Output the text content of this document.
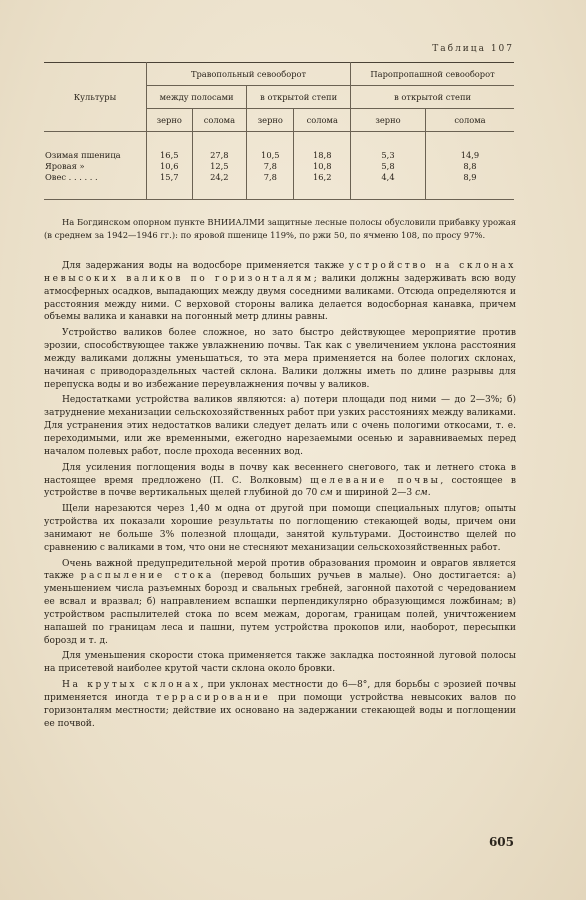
Таблица 107
Культуры	Травопольный севооборот				Паропропашной севооборот	
	между полосами		в открытой степи		в открытой степи	
	зерно	солома	зерно	солома	зерно	солома
Озимая пшеница	16,5	27,8	10,5	18,8	5,3	14,9
Яровая »	10,6	12,5	7,8	10,8	5,8	8,8
Овес . . . . . .	15,7	24,2	7,8	16,2	4,4	8,9

На Богдинском опорном пункте ВНИИАЛМИ защитные лесные полосы обусловили прибавку урожая (в среднем за 1942—1946 гг.): по яровой пшенице 119%, по ржи 50, по ячменю 108, по просу 97%.

Для задержания воды на водосборе применяется также устройство на склонах невысоких валиков по горизонталям; валики должны задерживать всю воду атмосферных осадков, выпадающих между двумя соседними валиками. Отсюда определяются и расстояния между ними. С верховой стороны валика делается водосборная канавка, причем объемы валика и канавки на погонный метр длины равны.

Устройство валиков более сложное, но зато быстро действующее мероприятие против эрозии, способствующее также увлажнению почвы. Так как с увеличением уклона расстояния между валиками должны уменьшаться, то эта мера применяется на более пологих склонах, начиная с приводораздельных частей склона. Валики должны иметь по длине разрывы для перепуска воды и во избежание переувлажнения почвы у валиков.

Недостатками устройства валиков являются: а) потери площади под ними — до 2—3%; б) затруднение механизации сельскохозяйственных работ при узких расстояниях между валиками. Для устранения этих недостатков валики следует делать или с очень пологими откосами, т. е. переходимыми, или же временными, ежегодно нарезаемыми осенью и заравниваемых перед началом полевых работ, после прохода весенних вод.

Для усиления поглощения воды в почву как весеннего снегового, так и летнего стока в настоящее время предложено (П. С. Волковым) щелевание почвы, состоящее в устройстве в почве вертикальных щелей глубиной до 70 см и шириной 2—3 см.

Щели нарезаются через 1,40 м одна от другой при помощи специальных плугов; опыты устройства их показали хорошие результаты по поглощению стекающей воды, причем они занимают не больше 3% полезной площади, занятой культурами. Достоинство щелей по сравнению с валиками в том, что они не стесняют механизации сельскохозяйственных работ.

Очень важной предупредительной мерой против образования промоин и оврагов является также распыление стока (перевод больших ручьев в малые). Оно достигается: а) уменьшением числа разъемных борозд и свальных гребней, загонной пахотой с чередованием ее всвал и вразвал; б) направлением вспашки перпендикулярно образующимся ложбинам; в) устройством распылителей стока по всем межам, дорогам, границам полей, уничтожением напашей по границам леса и пашни, путем устройства прокопов или, наоборот, пересыпки борозд и т. д.

Для уменьшения скорости стока применяется также закладка постоянной луговой полосы на присетевой наиболее крутой части склона около бровки.

На крутых склонах, при уклонах местности до 6—8°, для борьбы с эрозией почвы применяется иногда террасирование при помощи устройства невысоких валов по горизонталям местности; действие их основано на задержании стекающей воды и поглощении ее почвой.

605
